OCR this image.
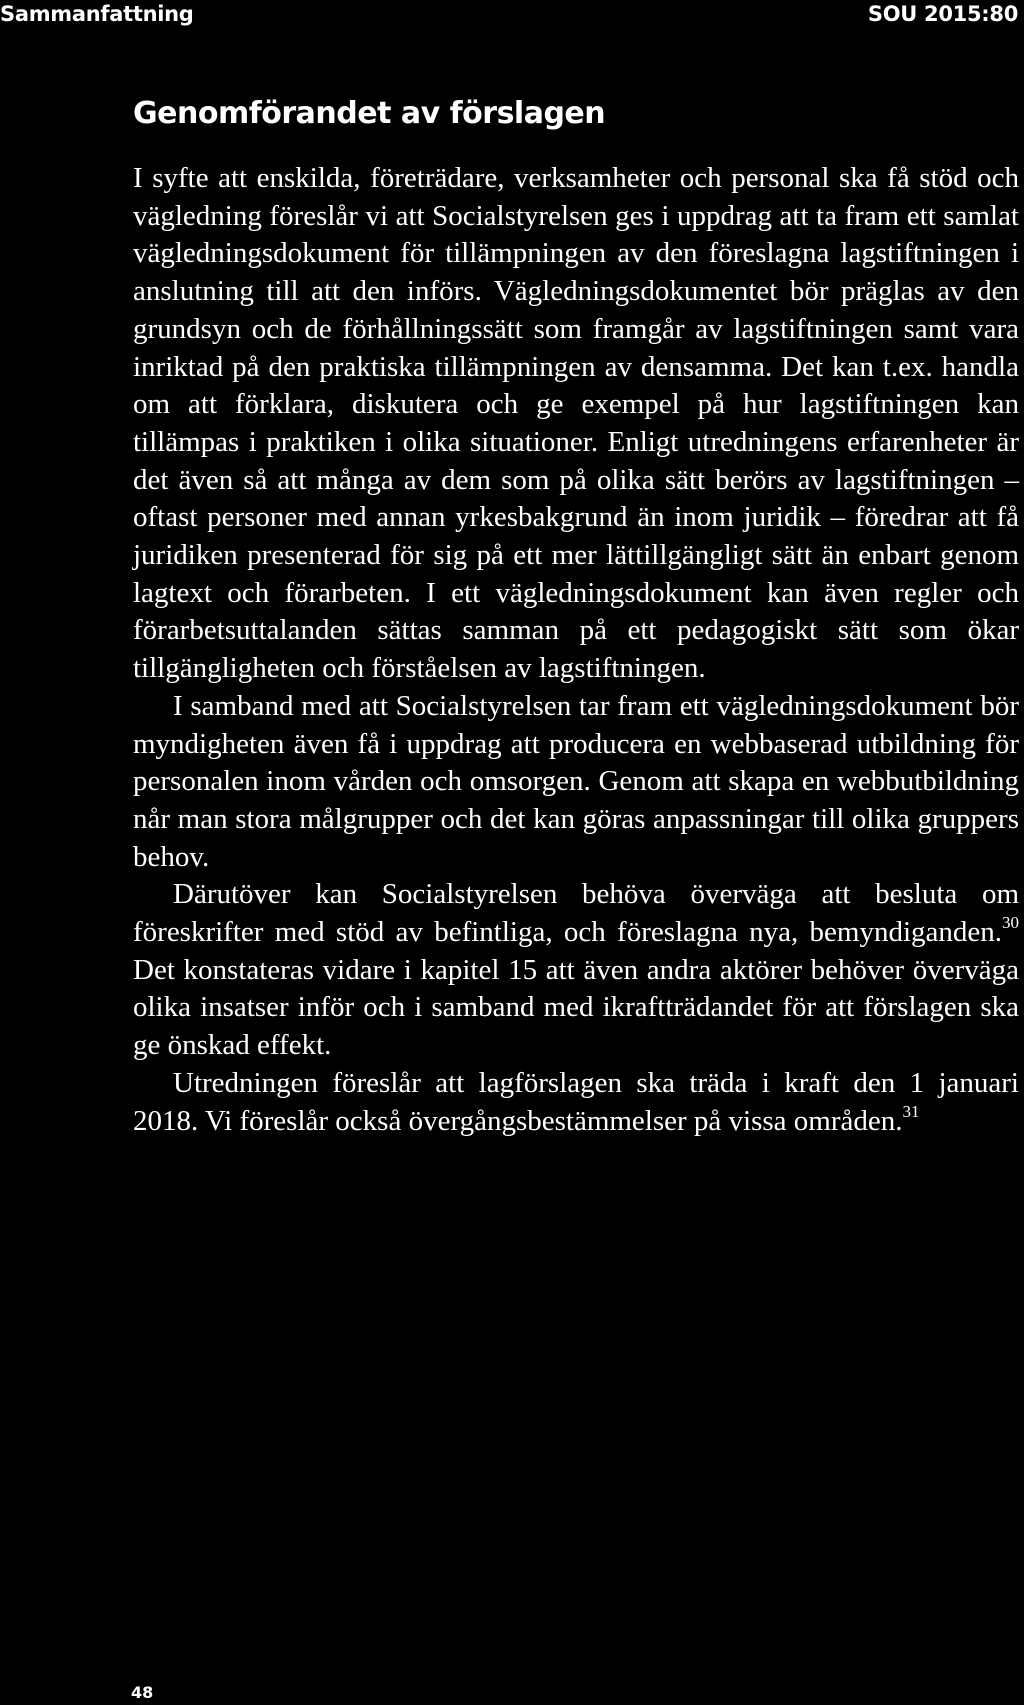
Sammanfattning	SOU 2015:80
Genomförandet av förslagen

I syfte att enskilda, företrädare, verksamheter och personal ska få stöd och vägledning föreslår vi att Socialstyrelsen ges i uppdrag att ta fram ett samlat vägledningsdokument för tillämpningen av den föreslagna lagstiftningen i anslutning till att den införs. Vägledningsdokumentet bör präglas av den grundsyn och de förhållningssätt som framgår av lagstiftningen samt vara inriktad på den praktiska tillämpningen av densamma. Det kan t.ex. handla om att förklara, diskutera och ge exempel på hur lagstiftningen kan tillämpas i praktiken i olika situationer. Enligt utredningens erfarenheter är det även så att många av dem som på olika sätt berörs av lagstiftningen – oftast personer med annan yrkesbakgrund än inom juridik – föredrar att få juridiken presenterad för sig på ett mer lättillgängligt sätt än enbart genom lagtext och förarbeten. I ett vägledningsdokument kan även regler och förarbetsuttalanden sättas samman på ett pedagogiskt sätt som ökar tillgängligheten och förståelsen av lagstiftningen.

I samband med att Socialstyrelsen tar fram ett vägledningsdokument bör myndigheten även få i uppdrag att producera en webbaserad utbildning för personalen inom vården och omsorgen. Genom att skapa en webbutbildning når man stora målgrupper och det kan göras anpassningar till olika gruppers behov.

Därutöver kan Socialstyrelsen behöva överväga att besluta om föreskrifter med stöd av befintliga, och föreslagna nya, bemyndiganden.$^{30}$ Det konstateras vidare i kapitel 15 att även andra aktörer behöver överväga olika insatser inför och i samband med ikraftträdandet för att förslagen ska ge önskad effekt.

Utredningen föreslår att lagförslagen ska träda i kraft den 1 januari 2018. Vi föreslår också övergångsbestämmelser på vissa områden.$^{31}$

48
